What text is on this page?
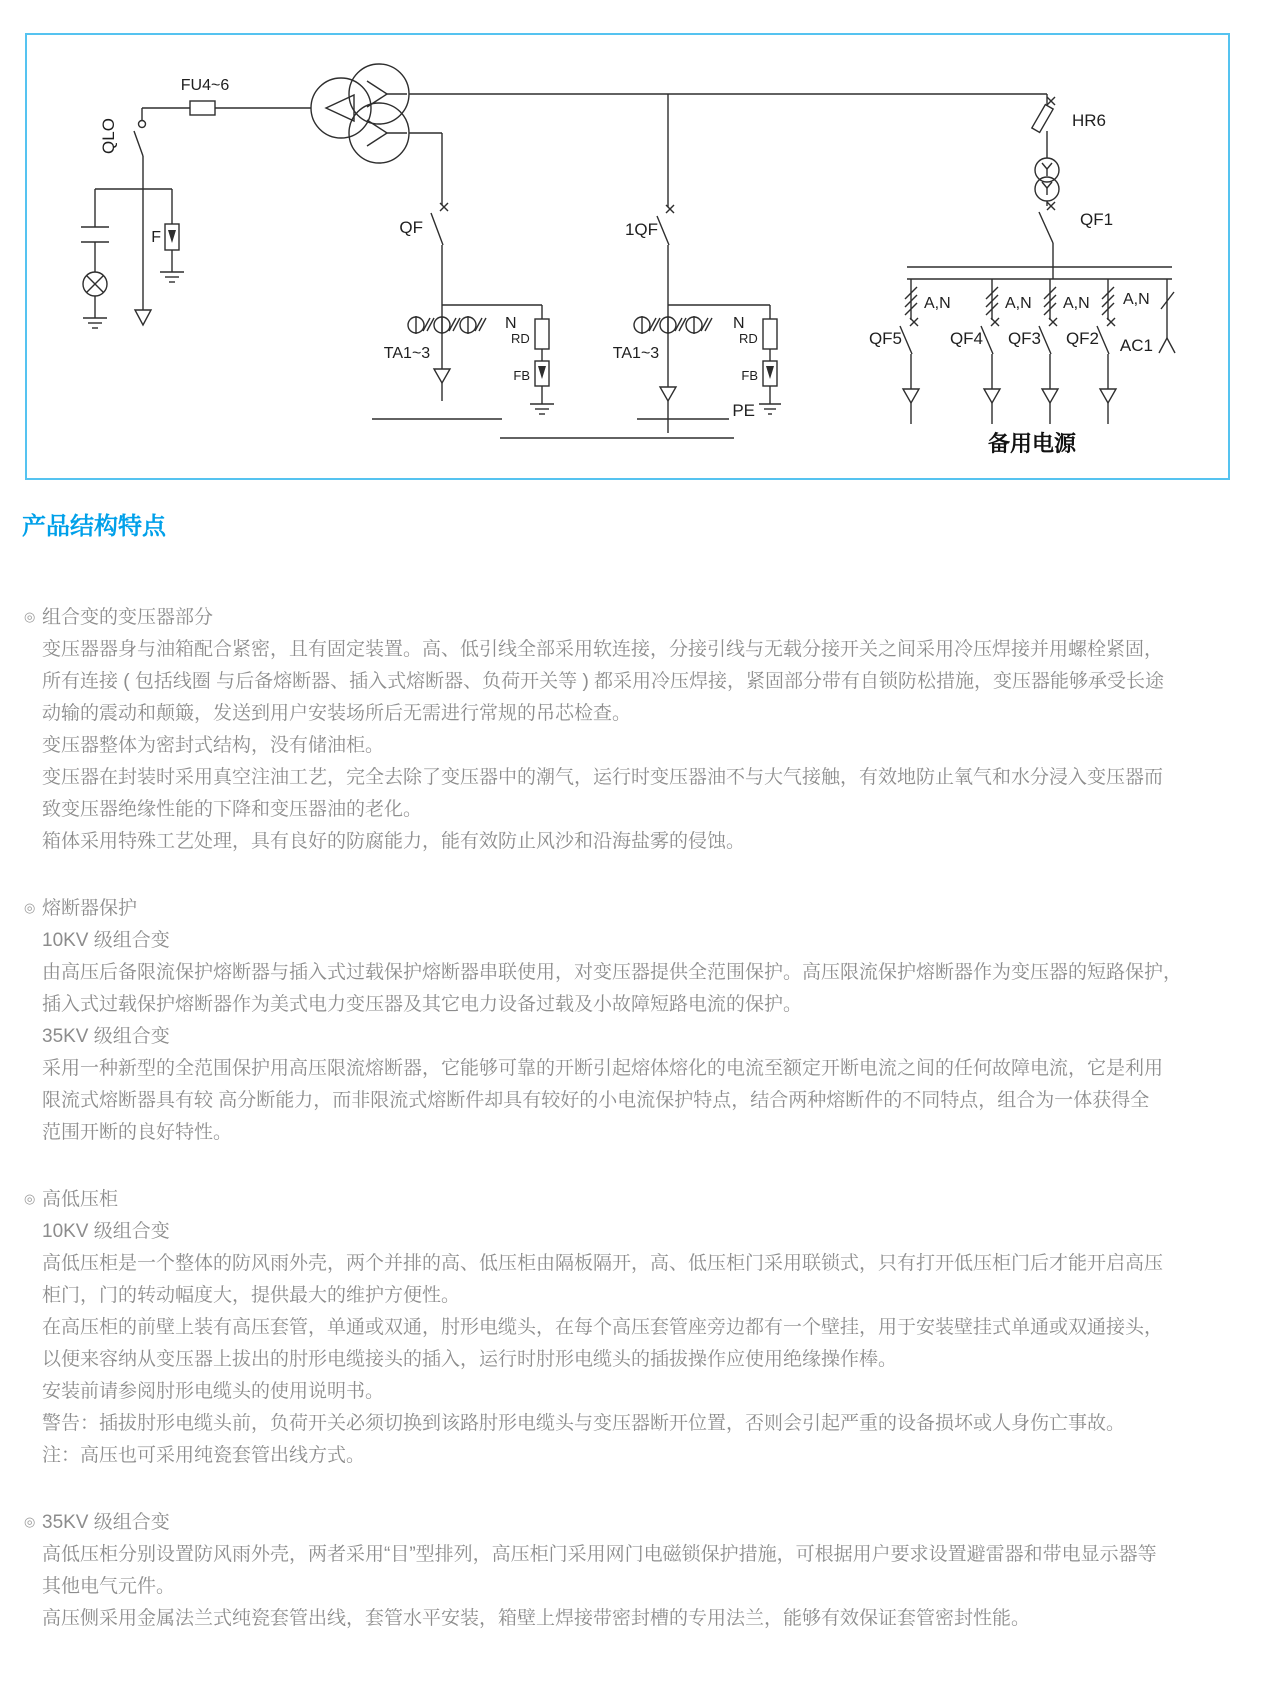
FU4~6
QLO
F
QF
TA1~3
N
RD
FB
1QF
TA1~3
N
RD
FB
PE
HR6
QF1
A,N
QF5
A,N
QF4
A,N
QF3
A,N
QF2 AC1
备用电源
产品结构特点
◎ 组合变的变压器部分
变压器器身与油箱配合紧密，且有固定装置。高、低引线全部采用软连接，分接引线与无载分接开关之间采用冷压焊接并用螺栓紧固，
所有连接 ( 包括线圈 与后备熔断器、插入式熔断器、负荷开关等 ) 都采用冷压焊接，紧固部分带有自锁防松措施，变压器能够承受长途
动输的震动和颠簸，发送到用户安装场所后无需进行常规的吊芯检查。
变压器整体为密封式结构，没有储油柜。
变压器在封装时采用真空注油工艺，完全去除了变压器中的潮气，运行时变压器油不与大气接触，有效地防止氧气和水分浸入变压器而
致变压器绝缘性能的下降和变压器油的老化。
箱体采用特殊工艺处理，具有良好的防腐能力，能有效防止风沙和沿海盐雾的侵蚀。
◎ 熔断器保护
10KV 级组合变
由高压后备限流保护熔断器与插入式过载保护熔断器串联使用，对变压器提供全范围保护。高压限流保护熔断器作为变压器的短路保护，
插入式过载保护熔断器作为美式电力变压器及其它电力设备过载及小故障短路电流的保护。
35KV 级组合变
采用一种新型的全范围保护用高压限流熔断器，它能够可靠的开断引起熔体熔化的电流至额定开断电流之间的任何故障电流，它是利用
限流式熔断器具有较 高分断能力，而非限流式熔断件却具有较好的小电流保护特点，结合两种熔断件的不同特点，组合为一体获得全
范围开断的良好特性。
◎ 高低压柜
10KV 级组合变
高低压柜是一个整体的防风雨外壳，两个并排的高、低压柜由隔板隔开，高、低压柜门采用联锁式，只有打开低压柜门后才能开启高压
柜门，门的转动幅度大，提供最大的维护方便性。
在高压柜的前壁上装有高压套管，单通或双通，肘形电缆头，在每个高压套管座旁边都有一个壁挂，用于安装壁挂式单通或双通接头，
以便来容纳从变压器上拔出的肘形电缆接头的插入，运行时肘形电缆头的插拔操作应使用绝缘操作棒。
安装前请参阅肘形电缆头的使用说明书。
警告：插拔肘形电缆头前，负荷开关必须切换到该路肘形电缆头与变压器断开位置，否则会引起严重的设备损坏或人身伤亡事故。
注：高压也可采用纯瓷套管出线方式。
◎ 35KV 级组合变
高低压柜分别设置防风雨外壳，两者采用“目”型排列，高压柜门采用网门电磁锁保护措施，可根据用户要求设置避雷器和带电显示器等
其他电气元件。
高压侧采用金属法兰式纯瓷套管出线，套管水平安装，箱壁上焊接带密封槽的专用法兰，能够有效保证套管密封性能。
